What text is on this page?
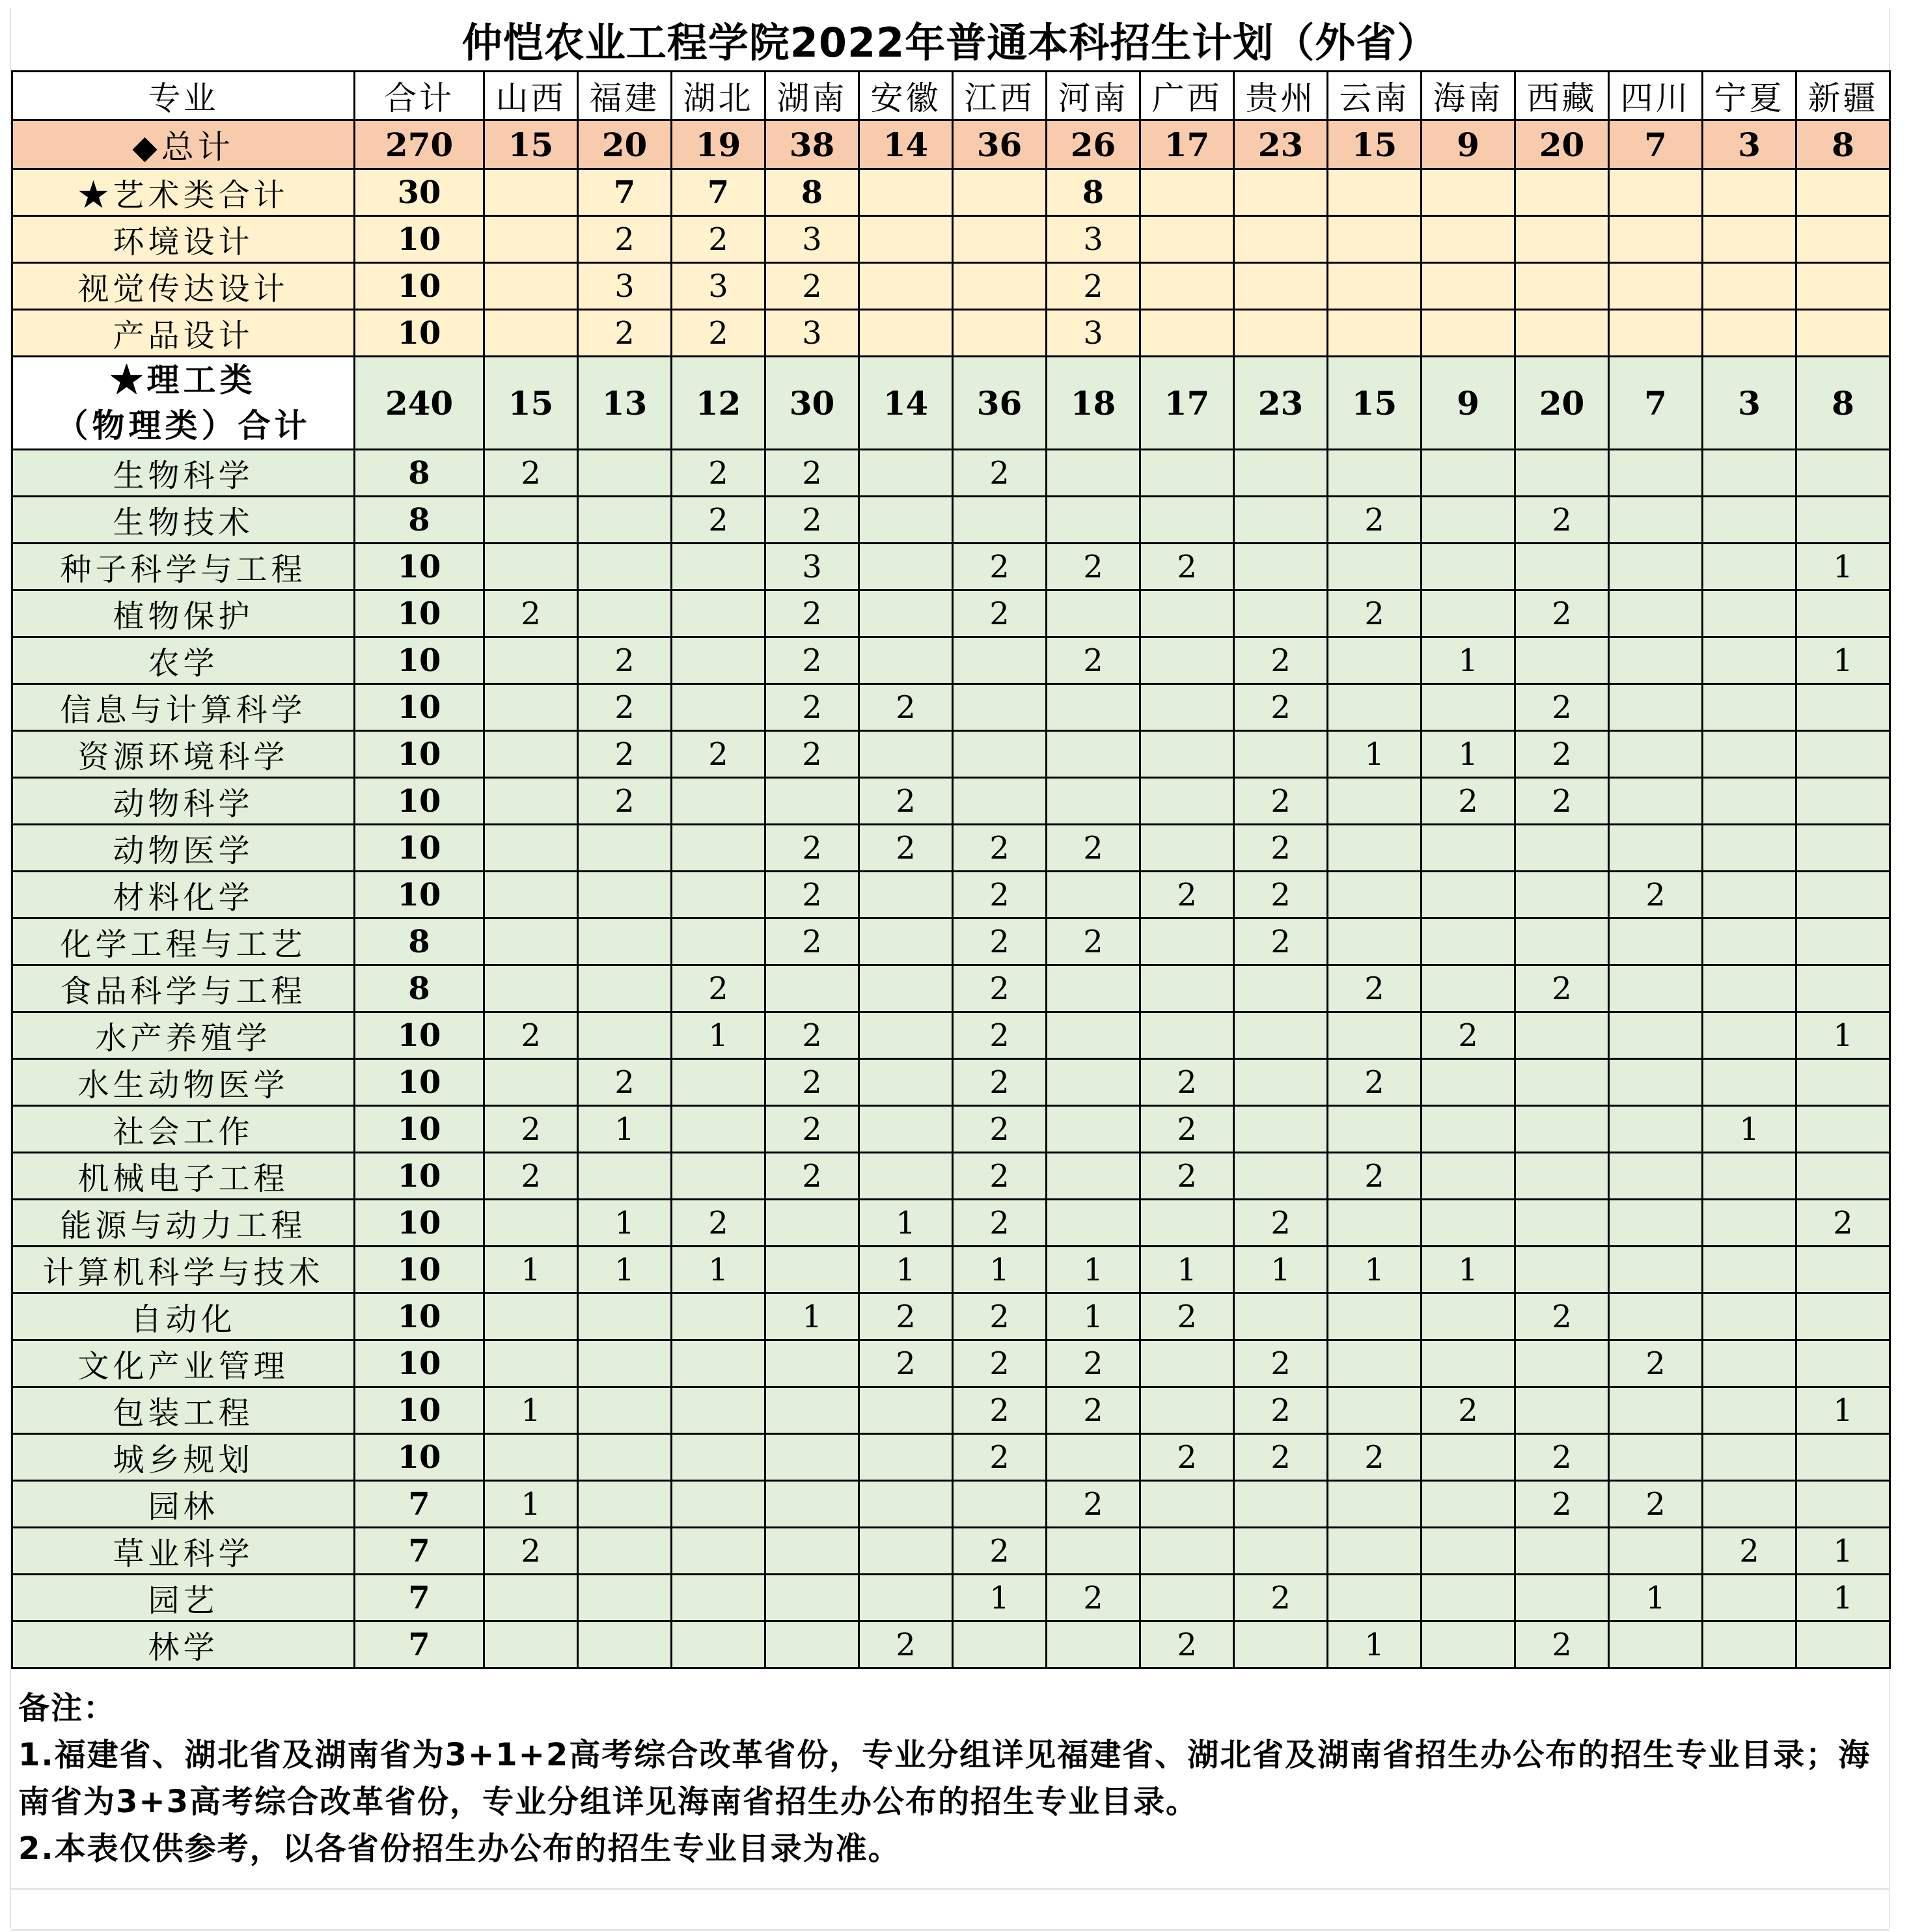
仲恺农业工程学院2022年普通本科招生计划（外省）
专业	合计	山西	福建	湖北	湖南	安徽	江西	河南	广西	贵州	云南	海南	西藏	四川	宁夏	新疆
◆总计	270	15	20	19	38	14	36	26	17	23	15	9	20	7	3	8
★艺术类合计	30		7	7	8			8								
环境设计	10		2	2	3			3								
视觉传达设计	10		3	3	2			2								
产品设计	10		2	2	3			3								

★理工类
（物理类）合计	240	15	13	12	30	14	36	18	17	23	15	9	20	7	3	8
生物科学	8	2		2	2		2									
生物技术	8			2	2						2		2			
种子科学与工程	10				3		2	2	2							1
植物保护	10	2			2		2				2		2			
农学	10		2		2			2		2		1				1
信息与计算科学	10		2		2	2				2			2			
资源环境科学	10		2	2	2						1	1	2			
动物科学	10		2			2				2		2	2			
动物医学	10				2	2	2	2		2						
材料化学	10				2		2		2	2				2		
化学工程与工艺	8				2		2	2		2						
食品科学与工程	8			2			2				2		2			
水产养殖学	10	2		1	2		2					2				1
水生动物医学	10		2		2		2		2		2					
社会工作	10	2	1		2		2		2						1	
机械电子工程	10	2			2		2		2		2					
能源与动力工程	10		1	2		1	2			2						2
计算机科学与技术	10	1	1	1		1	1	1	1	1	1	1				
自动化	10				1	2	2	1	2				2			
文化产业管理	10					2	2	2		2				2		
包装工程	10	1					2	2		2		2				1
城乡规划	10						2		2	2	2		2			
园林	7	1						2					2	2		
草业科学	7	2					2								2	1
园艺	7						1	2		2				1		1
林学	7					2			2		1		2			
备注：
1.福建省、湖北省及湖南省为3+1+2高考综合改革省份，专业分组详见福建省、湖北省及湖南省招生办公布的招生专业目录；海南省为3+3高考综合改革省份，专业分组详见海南省招生办公布的招生专业目录。
2.本表仅供参考，以各省份招生办公布的招生专业目录为准。
